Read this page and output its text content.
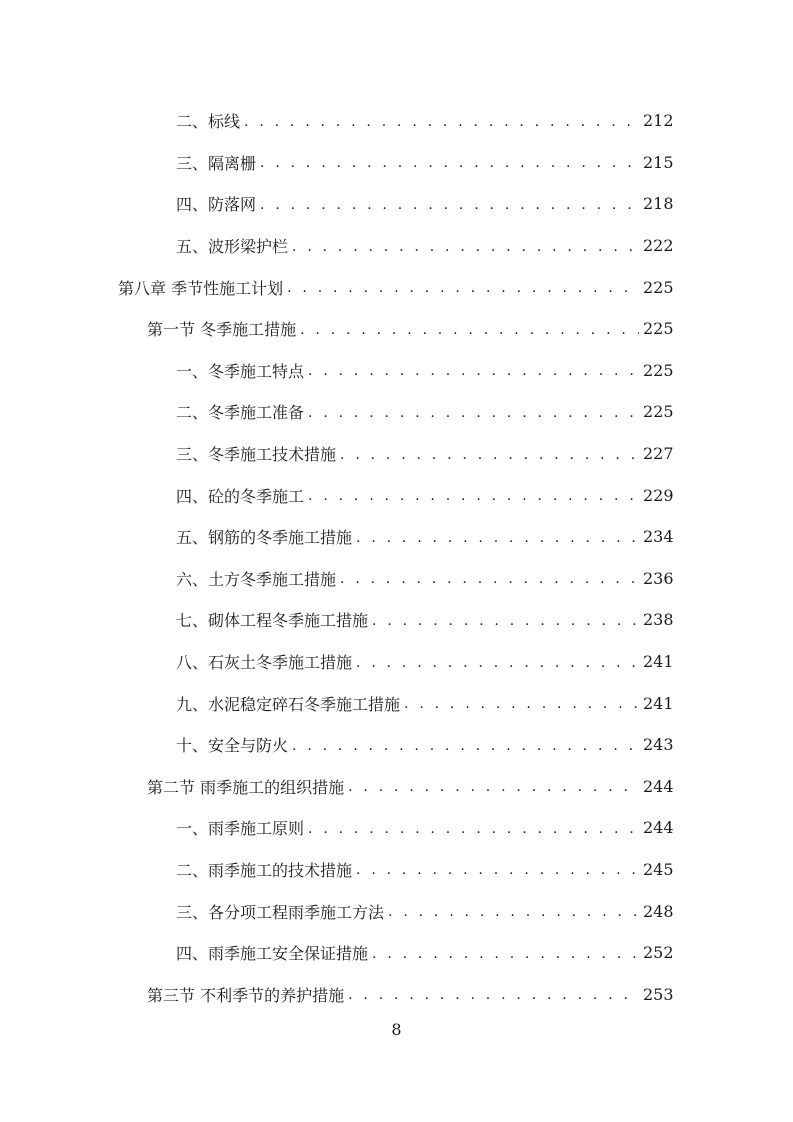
二、标线 . . .	212
三、隔离栅 . . .	215
四、防落网 . . .	218
五、波形梁护栏 . . .	222
第八章 季节性施工计划 . . .	225
第一节 冬季施工措施 . . .	225
一、冬季施工特点 . . .	225
二、冬季施工准备 . . .	225
三、冬季施工技术措施 . . .	227
四、砼的冬季施工 . . .	229
五、钢筋的冬季施工措施 . . .	234
六、土方冬季施工措施 . . .	236
七、砌体工程冬季施工措施 . . .	238
八、石灰土冬季施工措施 . . .	241
九、水泥稳定碎石冬季施工措施 . . .	241
十、安全与防火 . . .	243
第二节 雨季施工的组织措施 . . .	244
一、雨季施工原则 . . .	244
二、雨季施工的技术措施 . . .	245
三、各分项工程雨季施工方法 . . .	248
四、雨季施工安全保证措施 . . .	252
第三节 不利季节的养护措施 . . .	253
8
